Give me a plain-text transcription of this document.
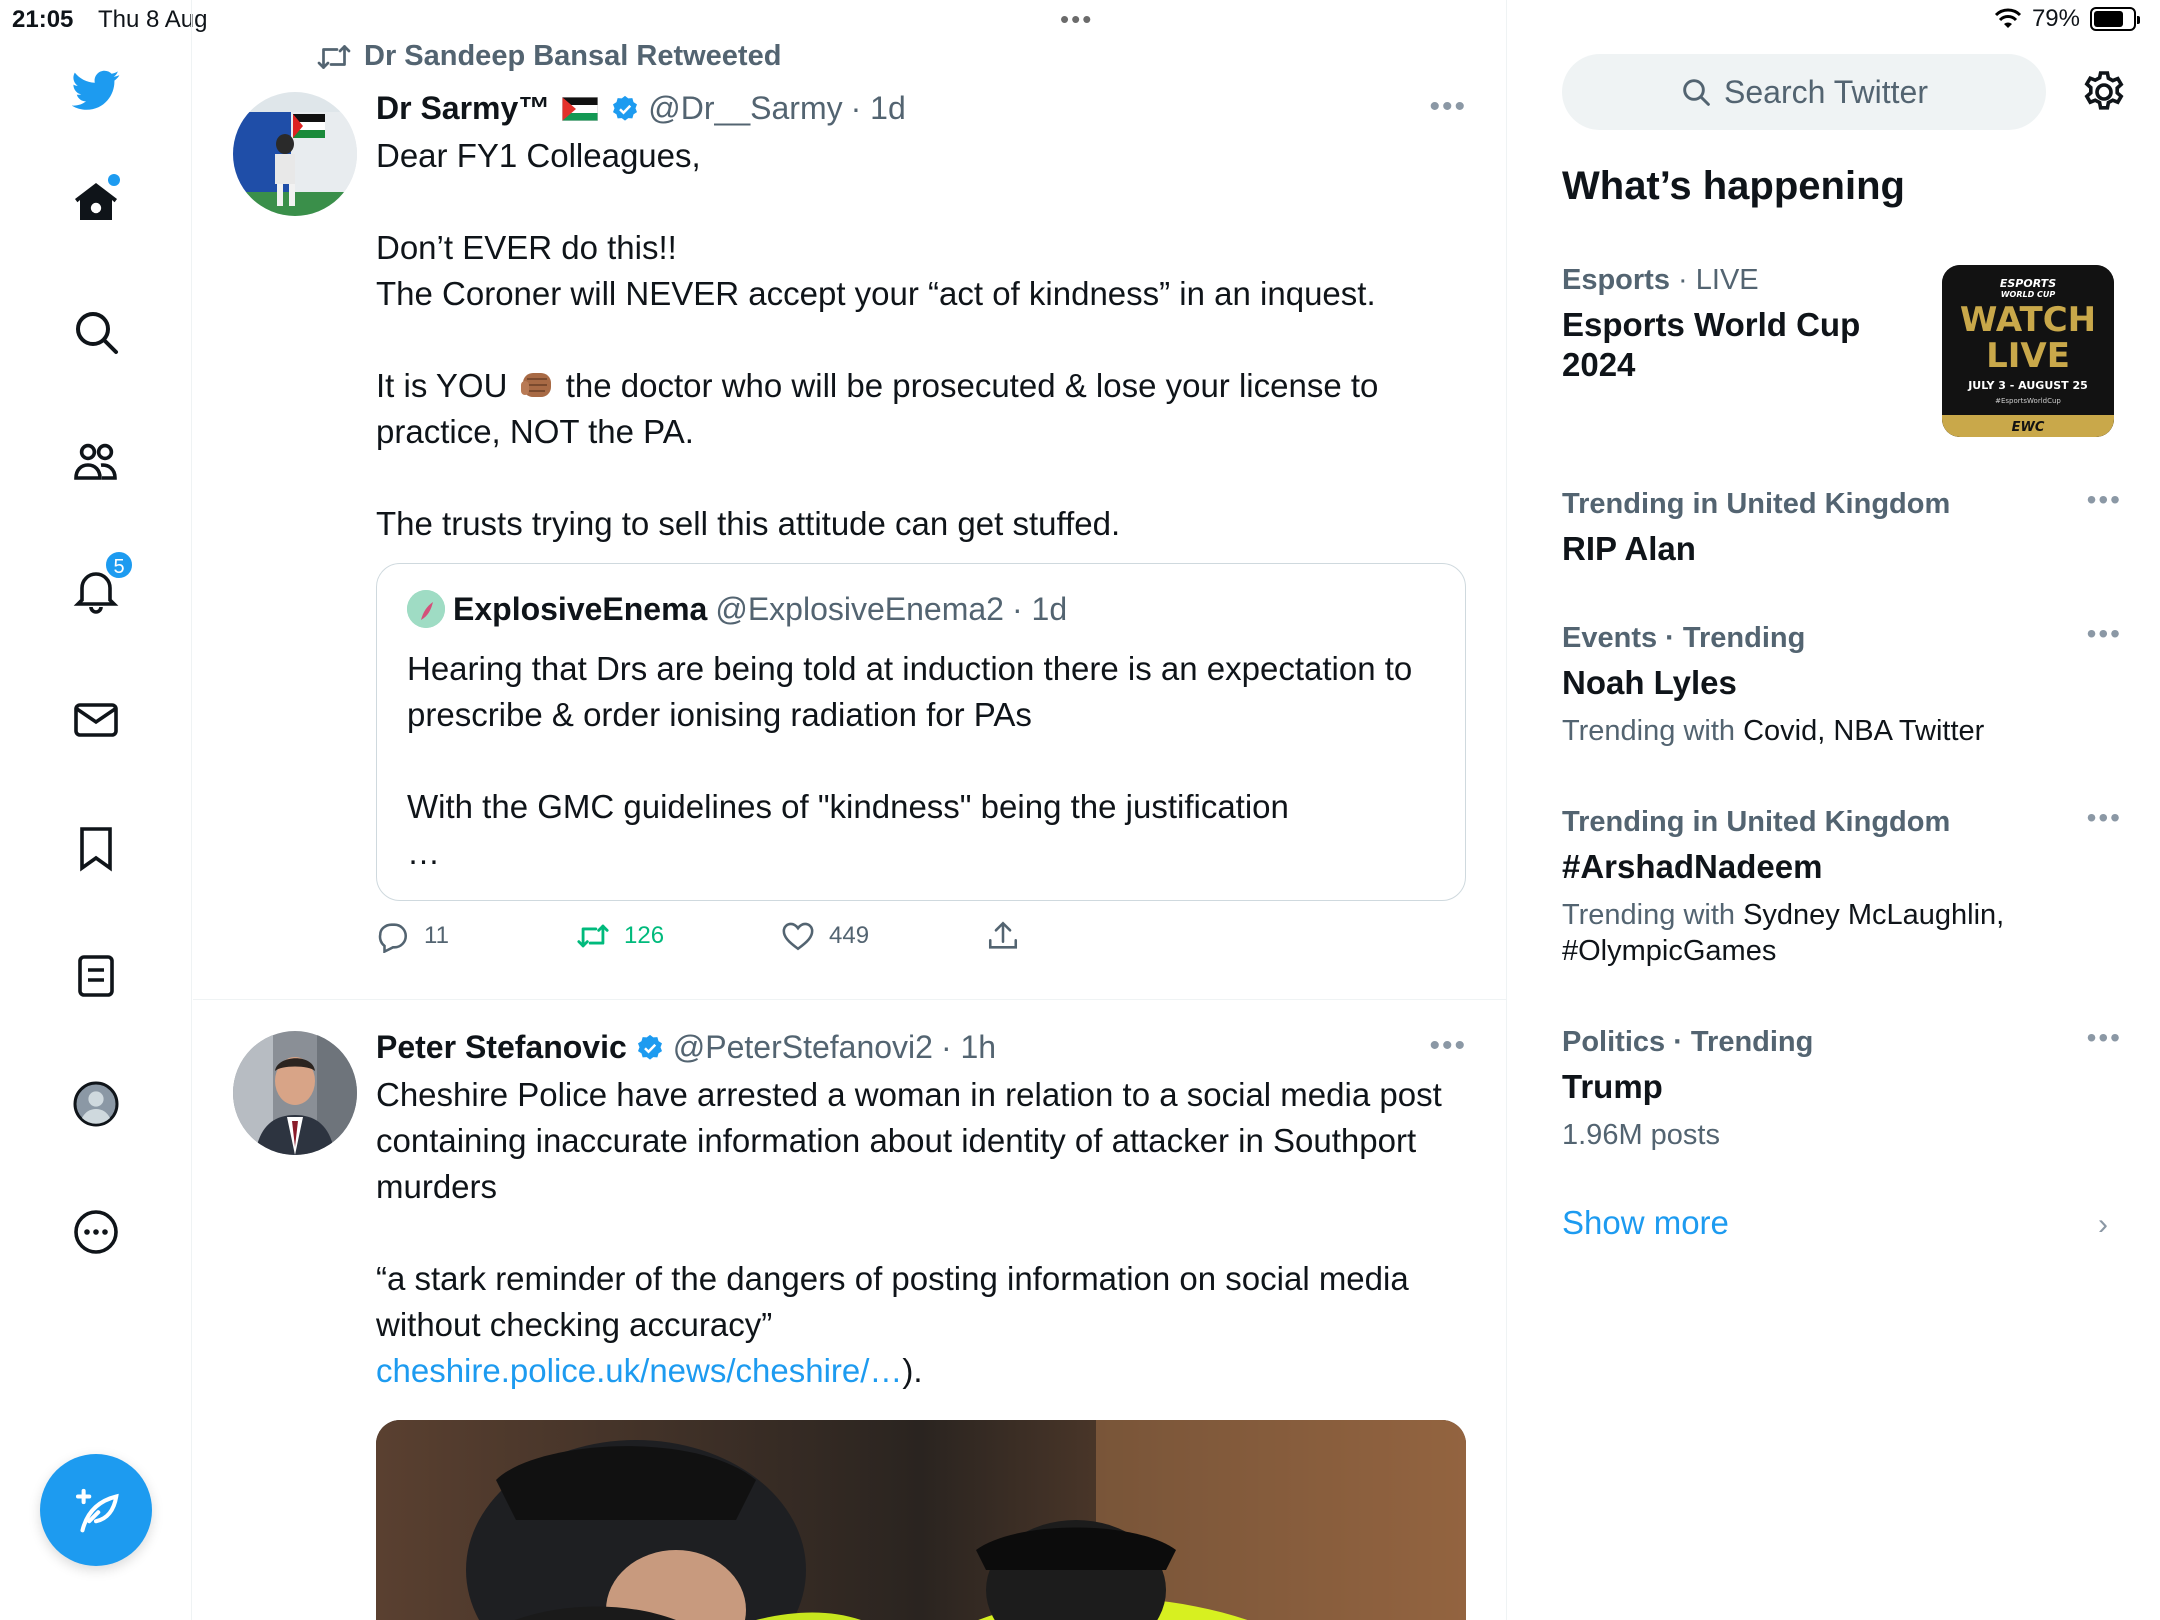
21:05 Thu 8 Aug	•••	79%
5
Dr Sandeep Bansal Retweeted
Dr Sarmy™	@Dr__Sarmy · 1d
Dear FY1 Colleagues,

Don’t EVER do this!!
The Coroner will NEVER accept your “act of kindness” in an inquest.

It is YOU the doctor who will be prosecuted & lose your license to practice, NOT the PA.

The trusts trying to sell this attitude can get stuffed.
ExplosiveEnema @ExplosiveEnema2 · 1d
Hearing that Drs are being told at induction there is an expectation to prescribe & order ionising radiation for PAs

With the GMC guidelines of "kindness" being the justification
…
11	126	449
•••
Peter Stefanovic @PeterStefanovi2 · 1h
Cheshire Police have arrested a woman in relation to a social media post containing inaccurate information about identity of attacker in Southport murders

“a stark reminder of the dangers of posting information on social media without checking accuracy”
cheshire.police.uk/news/cheshire/…).
•••
Search Twitter
What’s happening
Esports · LIVE
Esports World Cup 2024
ESPORTS
WORLD CUP
WATCH
LIVE
JULY 3 - AUGUST 25
#EsportsWorldCup
EWC
Trending in United Kingdom
RIP Alan
•••
Events · Trending
Noah Lyles
Trending with Covid, NBA Twitter
•••
Trending in United Kingdom
#ArshadNadeem
Trending with Sydney McLaughlin, #OlympicGames
•••
Politics · Trending
Trump
1.96M posts
•••
Show more	›
